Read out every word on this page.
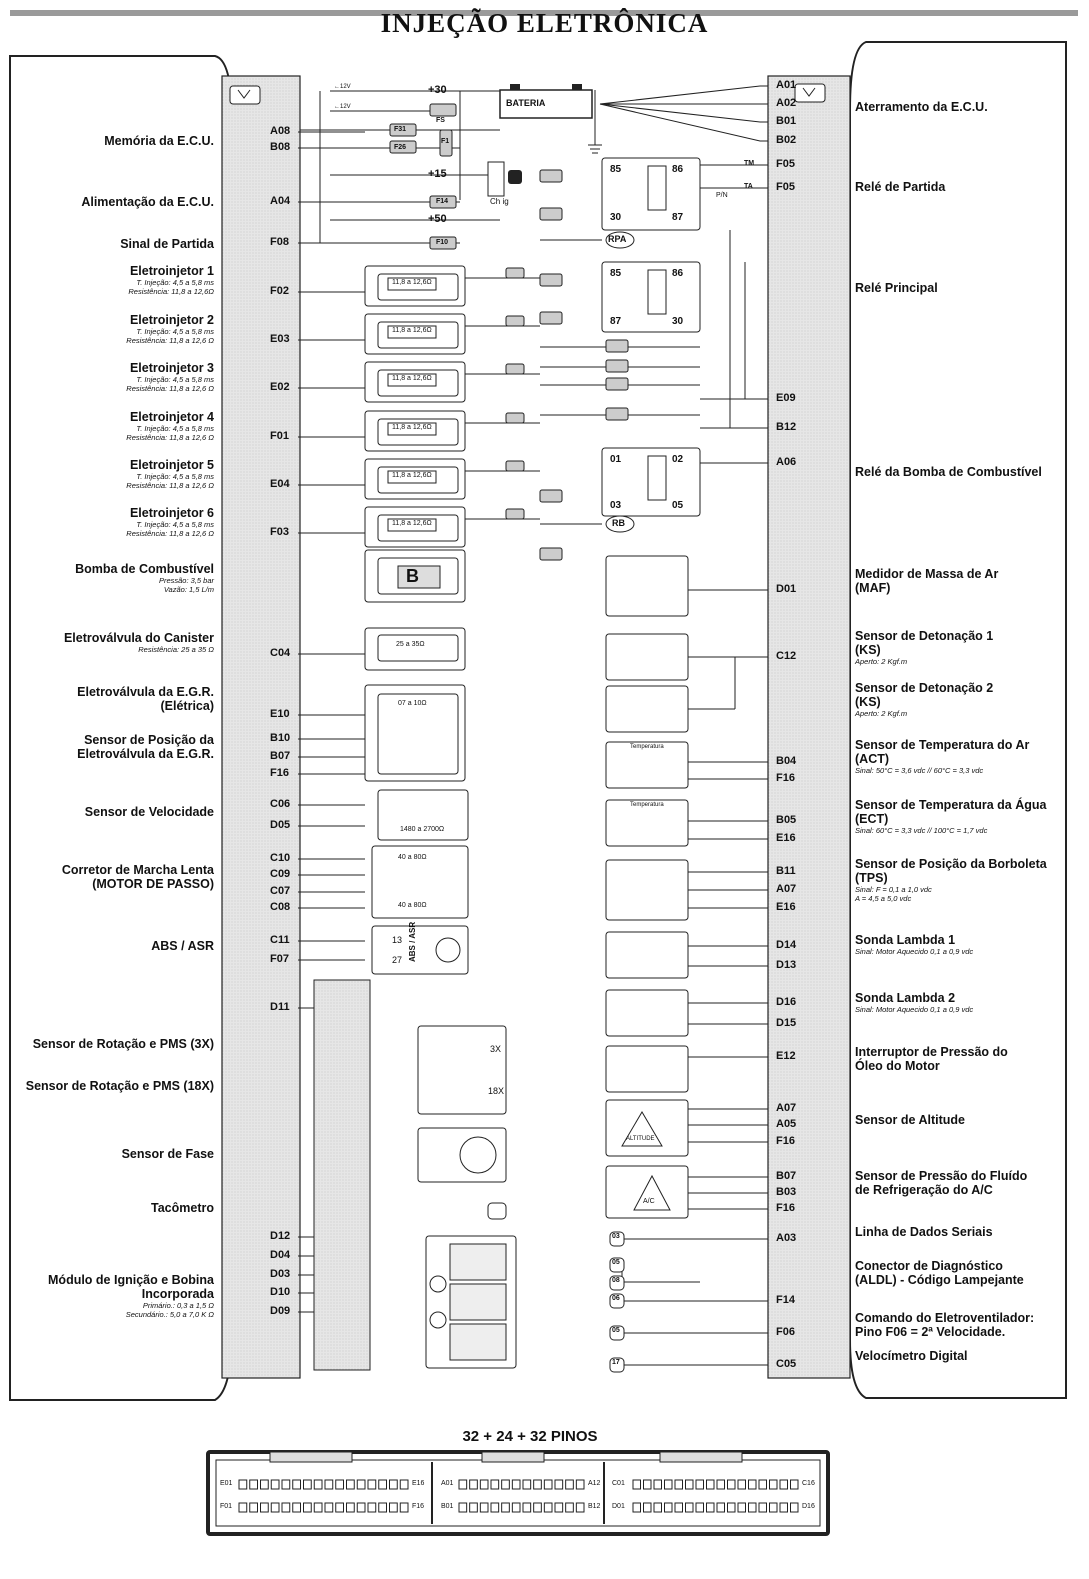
INJEÇÃO ELETRÔNICA
Memória da E.C.U.
Alimentação da E.C.U.
Sinal de Partida
Eletroinjetor 1
T. Injeção: 4,5 a 5,8 ms
Resistência: 11,8 a 12,6Ω
Eletroinjetor 2
T. Injeção: 4,5 a 5,8 ms
Resistência: 11,8 a 12,6 Ω
Eletroinjetor 3
T. Injeção: 4,5 a 5,8 ms
Resistência: 11,8 a 12,6 Ω
Eletroinjetor 4
T. Injeção: 4,5 a 5,8 ms
Resistência: 11,8 a 12,6 Ω
Eletroinjetor 5
T. Injeção: 4,5 a 5,8 ms
Resistência: 11,8 a 12,6 Ω
Eletroinjetor 6
T. Injeção: 4,5 a 5,8 ms
Resistência: 11,8 a 12,6 Ω
Bomba de Combustível
Pressão: 3,5 bar
Vazão: 1,5 L/m
Eletroválvula do Canister
Resistência: 25 a 35 Ω
Eletroválvula da E.G.R.
(Elétrica)
Sensor de Posição da
Eletroválvula da E.G.R.
Sensor de Velocidade
Corretor de Marcha Lenta
(MOTOR DE PASSO)
ABS / ASR
Sensor de Rotação e PMS (3X)
Sensor de Rotação e PMS (18X)
Sensor de Fase
Tacômetro
Módulo de Ignição e Bobina
Incorporada
Primário.: 0,3 a 1,5 Ω
Secundário.: 5,0 a 7,0 K Ω
Aterramento da E.C.U.
Relé de Partida
Relé Principal
Relé da Bomba de Combustível
Medidor de Massa de Ar
(MAF)
Sensor de Detonação 1
(KS)
Aperto: 2 Kgf.m
Sensor de Detonação 2
(KS)
Aperto: 2 Kgf.m
Sensor de Temperatura do Ar
(ACT)
Sinal: 50°C = 3,6 vdc // 60°C = 3,3 vdc
Sensor de Temperatura da Água
(ECT)
Sinal: 60°C = 3,3 vdc // 100°C = 1,7 vdc
Sensor de Posição da Borboleta
(TPS)
Sinal: F = 0,1 a 1,0 vdc
A = 4,5 a 5,0 vdc
Sonda Lambda 1
Sinal: Motor Aquecido 0,1 a 0,9 vdc
Sonda Lambda 2
Sinal: Motor Aquecido 0,1 a 0,9 vdc
Interruptor de Pressão do
Óleo do Motor
Sensor de Altitude
Sensor de Pressão do Fluído
de Refrigeração do A/C
Linha de Dados Seriais
Conector de Diagnóstico
(ALDL) - Código Lampejante
Comando do Eletroventilador:
Pino F06 = 2ª Velocidade.
Velocímetro Digital
A08
B08
A04
F08
F02
E03
E02
F01
E04
F03
C04
E10
B10
B07
F16
C06
D05
C10
C09
C07
C08
C11
F07
D11
D12
D04
D03
D10
D09
A01
A02
B01
B02
F05
F05
E09
B12
A06
D01
C12
B04
F16
B05
E16
B11
A07
E16
D14
D13
D16
D15
E12
A07
A05
F16
B07
B03
F16
A03
F14
F06
C05
+30
+15
+50
BATERIA
FS
F31
F26
F14
F10
F1
Ch ig
←12V
←12V
85	86
30	87
RPA
85	86
87	30
01	02
03	05
RB
TM
TA
P/N
B
25 a 35Ω
07 a 10Ω
1480 a 2700Ω
40 a 80Ω
40 a 80Ω
13
27 ABS / ASR
3X
18X
Temperatura
Temperatura
ALTITUDE
A/C
03
05
08
06
05
17
32 + 24 + 32 PINOS
E01
F01
E16
F16
A01
B01
A12
B12
C01
D01
C16
D16
11,8 a 12,6Ω
11,8 a 12,6Ω
11,8 a 12,6Ω
11,8 a 12,6Ω
11,8 a 12,6Ω
11,8 a 12,6Ω
